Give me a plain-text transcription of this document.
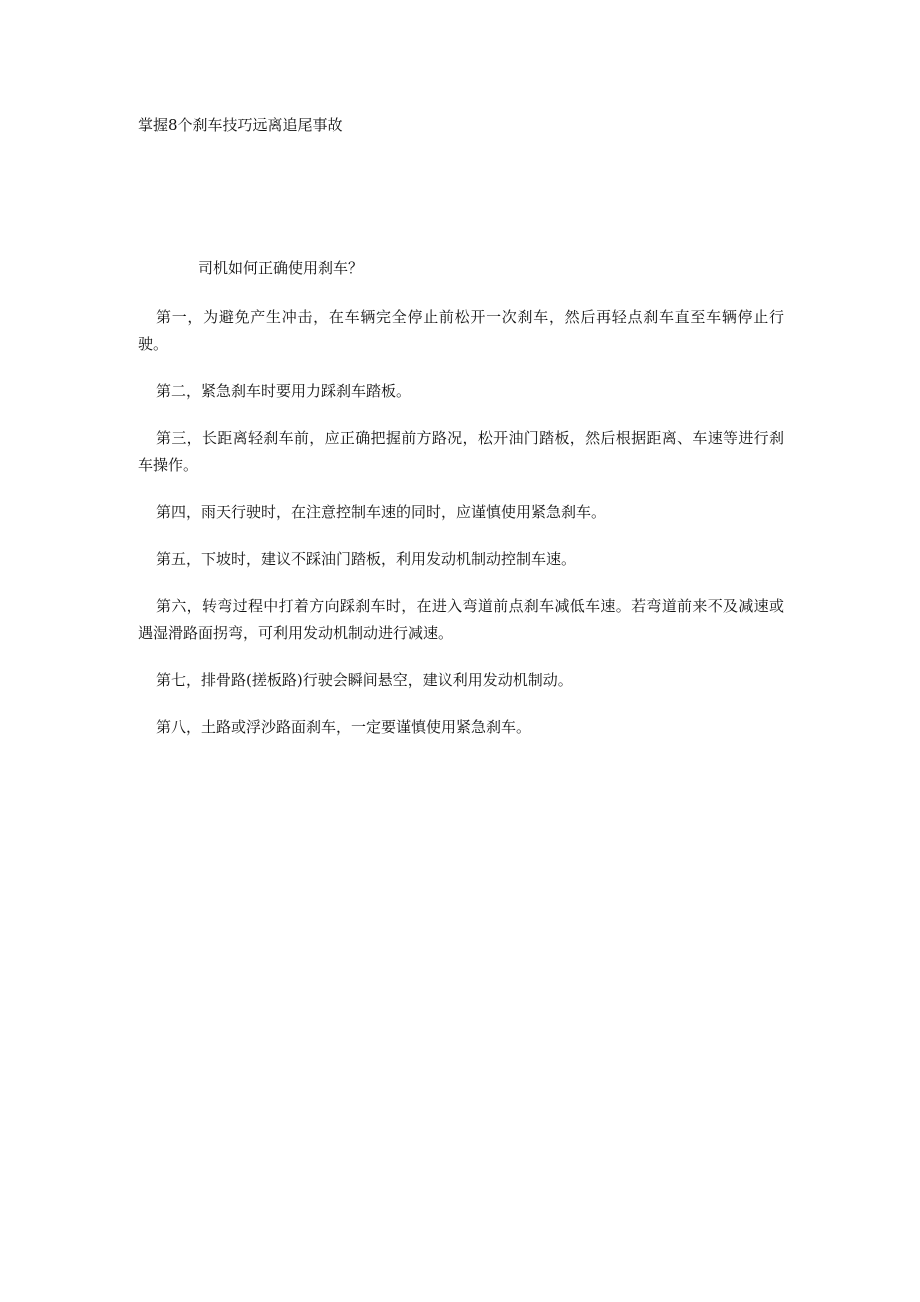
掌握8个刹车技巧远离追尾事故

司机如何正确使用刹车？

第一，为避免产生冲击，在车辆完全停止前松开一次刹车，然后再轻点刹车直至车辆停止行驶。

第二，紧急刹车时要用力踩刹车踏板。

第三，长距离轻刹车前，应正确把握前方路况，松开油门踏板，然后根据距离、车速等进行刹车操作。

第四，雨天行驶时，在注意控制车速的同时，应谨慎使用紧急刹车。

第五，下坡时，建议不踩油门踏板，利用发动机制动控制车速。

第六，转弯过程中打着方向踩刹车时，在进入弯道前点刹车减低车速。若弯道前来不及减速或遇湿滑路面拐弯，可利用发动机制动进行减速。

第七，排骨路(搓板路)行驶会瞬间悬空，建议利用发动机制动。

第八，土路或浮沙路面刹车，一定要谨慎使用紧急刹车。
